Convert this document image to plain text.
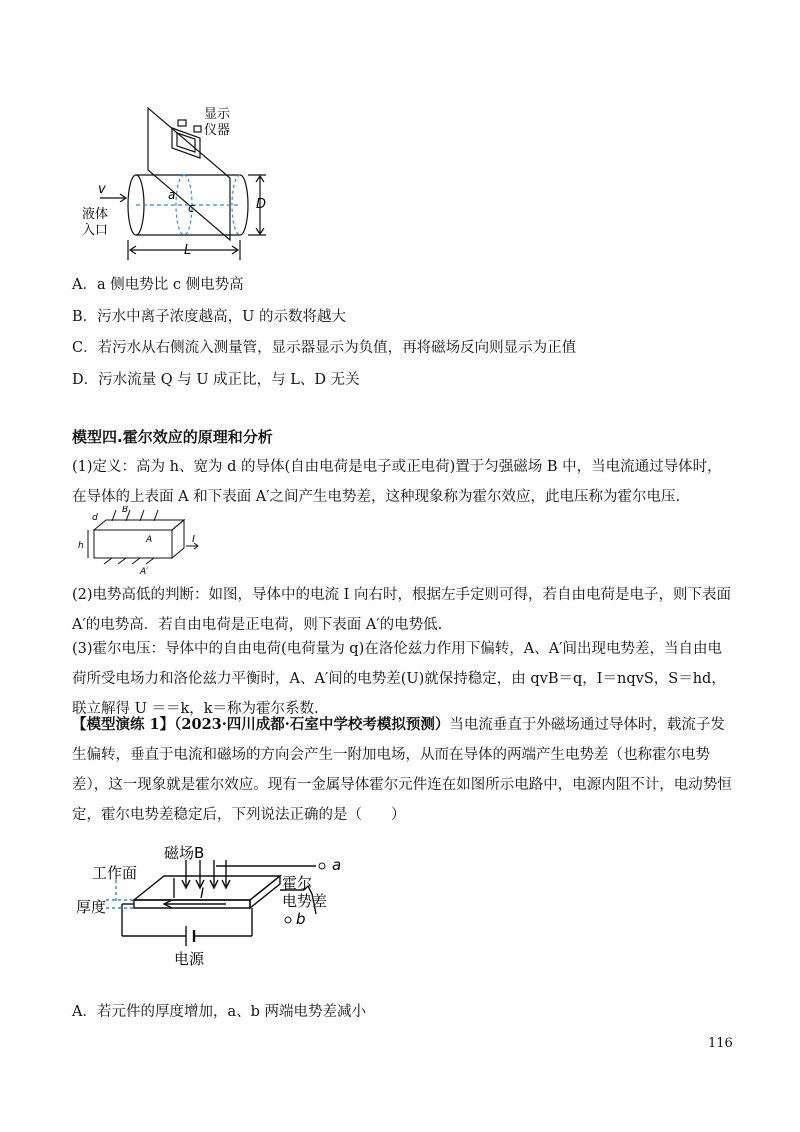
显示
仪器
v
液体
入口
a
c	D
L
A．a 侧电势比 c 侧电势高
B．污水中离子浓度越高，U 的示数将越大
C．若污水从右侧流入测量管，显示器显示为负值，再将磁场反向则显示为正值
D．污水流量 Q 与 U 成正比，与 L、D 无关
模型四.霍尔效应的原理和分析
(1)定义：高为 h、宽为 d 的导体(自由电荷是电子或正电荷)置于匀强磁场 B 中，当电流通过导体时，在导体的上表面 A 和下表面 A′之间产生电势差，这种现象称为霍尔效应，此电压称为霍尔电压.
B
d
h
A
A′
I
(2)电势高低的判断：如图，导体中的电流 I 向右时，根据左手定则可得，若自由电荷是电子，则下表面 A′的电势高．若自由电荷是正电荷，则下表面 A′的电势低.
(3)霍尔电压：导体中的自由电荷(电荷量为 q)在洛伦兹力作用下偏转，A、A′间出现电势差，当自由电荷所受电场力和洛伦兹力平衡时，A、A′间的电势差(U)就保持稳定，由 qvB＝q，I＝nqvS，S＝hd，联立解得 U ＝＝k，k＝称为霍尔系数.
【模型演练 1】（2023·四川成都·石室中学校考模拟预测）当电流垂直于外磁场通过导体时，载流子发生偏转，垂直于电流和磁场的方向会产生一附加电场，从而在导体的两端产生电势差（也称霍尔电势差），这一现象就是霍尔效应。现有一金属导体霍尔元件连在如图所示电路中，电源内阻不计，电动势恒定，霍尔电势差稳定后，下列说法正确的是（　　）
磁场B
工作面
厚度
I
霍尔
电势差
a
b
电源
A．若元件的厚度增加，a、b 两端电势差减小
116
